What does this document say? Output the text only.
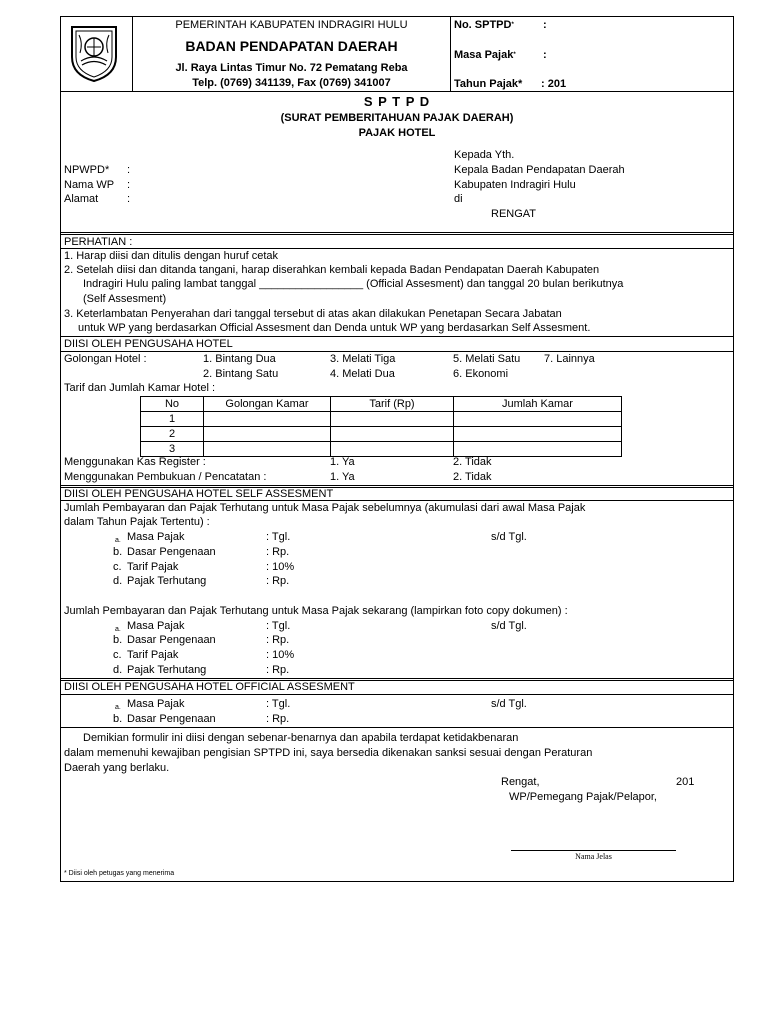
PEMERINTAH KABUPATEN INDRAGIRI HULU
BADAN PENDAPATAN DAERAH
Jl. Raya Lintas Timur No. 72 Pematang Reba
Telp. (0769) 341139, Fax (0769) 341007
No. SPTPD*	:
Masa Pajak* :
Tahun Pajak* : 201
S P T P D
(SURAT PEMBERITAHUAN PAJAK DAERAH)
PAJAK HOTEL
NPWPD* :
Nama WP :
Alamat	:
Kepada Yth.
Kepala Badan Pendapatan Daerah
Kabupaten Indragiri Hulu
di
RENGAT
PERHATIAN :
1. Harap diisi dan ditulis dengan huruf cetak
2. Setelah diisi dan ditanda tangani, harap diserahkan kembali kepada Badan Pendapatan Daerah Kabupaten
Indragiri Hulu paling lambat tanggal _________________ (Official Assesment) dan tanggal 20 bulan berikutnya
(Self Assesment)
3. Keterlambatan Penyerahan dari tanggal tersebut di atas akan dilakukan Penetapan Secara Jabatan
untuk WP yang berdasarkan Official Assesment dan Denda untuk WP yang berdasarkan Self Assesment.
DIISI OLEH PENGUSAHA HOTEL
Golongan Hotel :	1. Bintang Dua	3. Melati Tiga	5. Melati Satu 7. Lainnya
2. Bintang Satu	4. Melati Dua	6. Ekonomi
Tarif dan Jumlah Kamar Hotel :
No	Golongan Kamar	Tarif (Rp)	Jumlah Kamar
1			
2			
3			
Menggunakan Kas Register :	1. Ya	2. Tidak
Menggunakan Pembukuan / Pencatatan :	1. Ya	2. Tidak
DIISI OLEH PENGUSAHA HOTEL SELF ASSESMENT
Jumlah Pembayaran dan Pajak Terhutang untuk Masa Pajak sebelumnya (akumulasi dari awal Masa Pajak
dalam Tahun Pajak Tertentu) :
a. Masa Pajak	: Tgl.	s/d Tgl.
b. Dasar Pengenaan	: Rp.
c. Tarif Pajak	: 10%
d. Pajak Terhutang	: Rp.
Jumlah Pembayaran dan Pajak Terhutang untuk Masa Pajak sekarang (lampirkan foto copy dokumen) :
a. Masa Pajak	: Tgl.	s/d Tgl.
b. Dasar Pengenaan	: Rp.
c. Tarif Pajak	: 10%
d. Pajak Terhutang	: Rp.
DIISI OLEH PENGUSAHA HOTEL OFFICIAL ASSESMENT
a. Masa Pajak	: Tgl.	s/d Tgl.
b. Dasar Pengenaan	: Rp.
Demikian formulir ini diisi dengan sebenar-benarnya dan apabila terdapat ketidakbenaran
dalam memenuhi kewajiban pengisian SPTPD ini, saya bersedia dikenakan sanksi sesuai dengan Peraturan
Daerah yang berlaku.
Rengat,	201
WP/Pemegang Pajak/Pelapor,
Nama Jelas
* Diisi oleh petugas yang menerima
